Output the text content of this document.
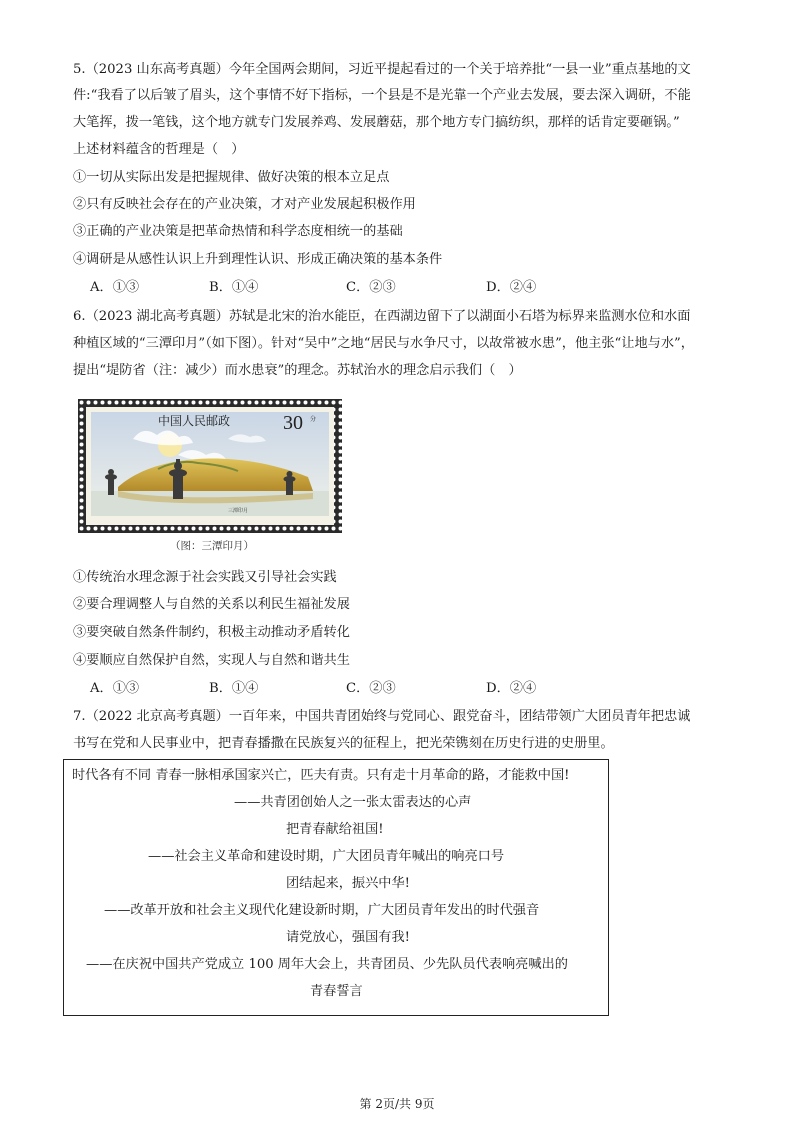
5.（2023 山东高考真题）今年全国两会期间，习近平提起看过的一个关于培养批“一县一业”重点基地的文
件:“我看了以后皱了眉头，这个事情不好下指标，一个县是不是光靠一个产业去发展，要去深入调研，不能
大笔挥，拨一笔钱，这个地方就专门发展养鸡、发展蘑菇，那个地方专门搞纺织，那样的话肯定要砸锅。”
上述材料蕴含的哲理是（　）
①一切从实际出发是把握规律、做好决策的根本立足点
②只有反映社会存在的产业决策，才对产业发展起积极作用
③正确的产业决策是把革命热情和科学态度相统一的基础
④调研是从感性认识上升到理性认识、形成正确决策的基本条件
A．①③	B．①④	C．②③	D．②④
6.（2023 湖北高考真题）苏轼是北宋的治水能臣，在西湖边留下了以湖面小石塔为标界来监测水位和水面
种植区域的“三潭印月”（如下图）。针对“吴中”之地“居民与水争尺寸，以故常被水患”，他主张“让地与水”，
提出“堤防省（注：减少）而水患衰”的理念。苏轼治水的理念启示我们（　）
中国人民邮政	30 分
三潭印月
（图：三潭印月）
①传统治水理念源于社会实践又引导社会实践
②要合理调整人与自然的关系以利民生福祉发展
③要突破自然条件制约，积极主动推动矛盾转化
④要顺应自然保护自然，实现人与自然和谐共生
A．①③	B．①④	C．②③	D．②④
7.（2022 北京高考真题）一百年来，中国共青团始终与党同心、跟党奋斗，团结带领广大团员青年把忠诚
书写在党和人民事业中，把青春播撒在民族复兴的征程上，把光荣镌刻在历史行进的史册里。
时代各有不同 青春一脉相承国家兴亡，匹夫有责。只有走十月革命的路，才能救中国!
——共青团创始人之一张太雷表达的心声
把青春献给祖国!
——社会主义革命和建设时期，广大团员青年喊出的响亮口号
团结起来，振兴中华!
——改革开放和社会主义现代化建设新时期，广大团员青年发出的时代强音
请党放心，强国有我!
——在庆祝中国共产党成立 100 周年大会上，共青团员、少先队员代表响亮喊出的
青春誓言
第 2页/共 9页
